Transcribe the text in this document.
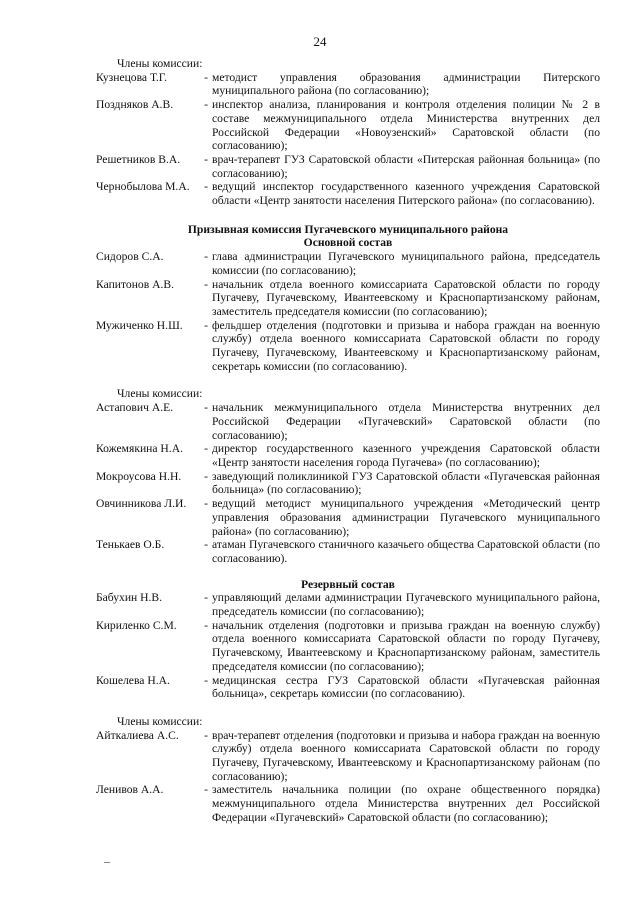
24
Члены комиссии:
Кузнецова Т.Г.	- методист управления образования администрации Питерского муниципального района (по согласованию);
Поздняков А.В.	- инспектор анализа, планирования и контроля отделения полиции № 2 в составе межмуниципального отдела Министерства внутренних дел Российской Федерации «Новоузенский» Саратовской области (по согласованию);
Решетников В.А.	- врач-терапевт ГУЗ Саратовской области «Питерская районная больница» (по согласованию);
Чернобылова М.А.	- ведущий инспектор государственного казенного учреждения Саратовской области «Центр занятости населения Питерского района» (по согласованию).
Призывная комиссия Пугачевского муниципального района
Основной состав
Сидоров С.А.	- глава администрации Пугачевского муниципального района, председатель комиссии (по согласованию);
Капитонов А.В.	- начальник отдела военного комиссариата Саратовской области по городу Пугачеву, Пугачевскому, Ивантеевскому и Краснопартизанскому районам, заместитель председателя комиссии (по согласованию);
Мужиченко Н.Ш.	- фельдшер отделения (подготовки и призыва и набора граждан на военную службу) отдела военного комиссариата Саратовской области по городу Пугачеву, Пугачевскому, Ивантеевскому и Краснопартизанскому районам, секретарь комиссии (по согласованию).
Члены комиссии:
Астапович А.Е.	- начальник межмуниципального отдела Министерства внутренних дел Российской Федерации «Пугачевский» Саратовской области (по согласованию);
Кожемякина Н.А.	- директор государственного казенного учреждения Саратовской области «Центр занятости населения города Пугачева» (по согласованию);
Мокроусова Н.Н.	- заведующий поликлиникой ГУЗ Саратовской области «Пугачевская районная больница» (по согласованию);
Овчинникова Л.И.	- ведущий методист муниципального учреждения «Методический центр управления образования администрации Пугачевского муниципального района» (по согласованию);
Тенькаев О.Б.	- атаман Пугачевского станичного казачьего общества Саратовской области (по согласованию).
Резервный состав
Бабухин Н.В.	- управляющий делами администрации Пугачевского муниципального района, председатель комиссии (по согласованию);
Кириленко С.М.	- начальник отделения (подготовки и призыва граждан на военную службу) отдела военного комиссариата Саратовской области по городу Пугачеву, Пугачевскому, Ивантеевскому и Краснопартизанскому районам, заместитель председателя комиссии (по согласованию);
Кошелева Н.А.	- медицинская сестра ГУЗ Саратовской области «Пугачевская районная больница», секретарь комиссии (по согласованию).
Члены комиссии:
Айткалиева А.С.	- врач-терапевт отделения (подготовки и призыва и набора граждан на военную службу) отдела военного комиссариата Саратовской области по городу Пугачеву, Пугачевскому, Ивантеевскому и Краснопартизанскому районам (по согласованию);
Ленивов А.А.	- заместитель начальника полиции (по охране общественного порядка) межмуниципального отдела Министерства внутренних дел Российской Федерации «Пугачевский» Саратовской области (по согласованию);
